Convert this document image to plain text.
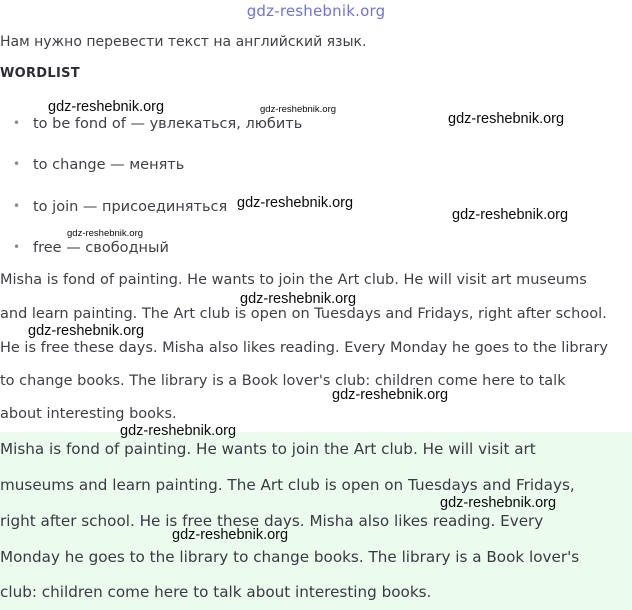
gdz-reshebnik.org
Нам нужно перевести текст на английский язык.
WORDLIST
• to be fond of — увлекаться, любить
• to change — менять
• to join — присоединяться
• free — свободный
Misha is fond of painting. He wants to join the Art club. He will visit art museums
and learn painting. The Art club is open on Tuesdays and Fridays, right after school.
He is free these days. Misha also likes reading. Every Monday he goes to the library
to change books. The library is a Book lover's club: children come here to talk
about interesting books.
Misha is fond of painting. He wants to join the Art club. He will visit art
museums and learn painting. The Art club is open on Tuesdays and Fridays,
right after school. He is free these days. Misha also likes reading. Every
Monday he goes to the library to change books. The library is a Book lover's
club: children come here to talk about interesting books.
gdz-reshebnik.org	gdz-reshebnik.org
gdz-reshebnik.org
gdz-reshebnik.org
gdz-reshebnik.org
gdz-reshebnik.org
gdz-reshebnik.org
gdz-reshebnik.org
gdz-reshebnik.org
gdz-reshebnik.org
gdz-reshebnik.org
gdz-reshebnik.org
